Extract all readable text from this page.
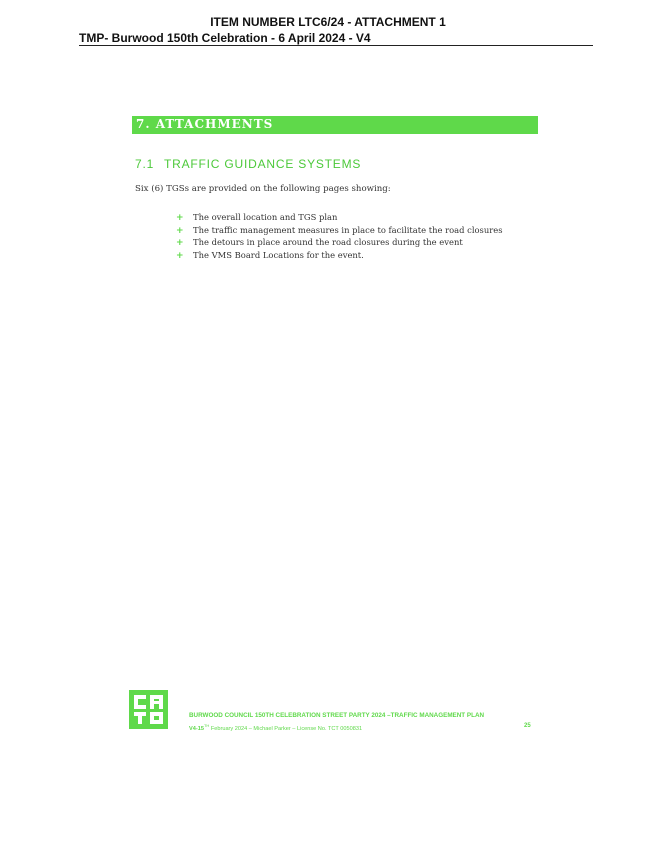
ITEM NUMBER LTC6/24 - ATTACHMENT 1
TMP- Burwood 150th Celebration - 6 April 2024 - V4
7. ATTACHMENTS
7.1 TRAFFIC GUIDANCE SYSTEMS
Six (6) TGSs are provided on the following pages showing:
+ The overall location and TGS plan
+ The traffic management measures in place to facilitate the road closures
+ The detours in place around the road closures during the event
+ The VMS Board Locations for the event.
BURWOOD COUNCIL 150TH CELEBRATION STREET PARTY 2024 –TRAFFIC MANAGEMENT PLAN
V4-15TH February 2024 – Michael Parker – License No. TCT 0050831	25
